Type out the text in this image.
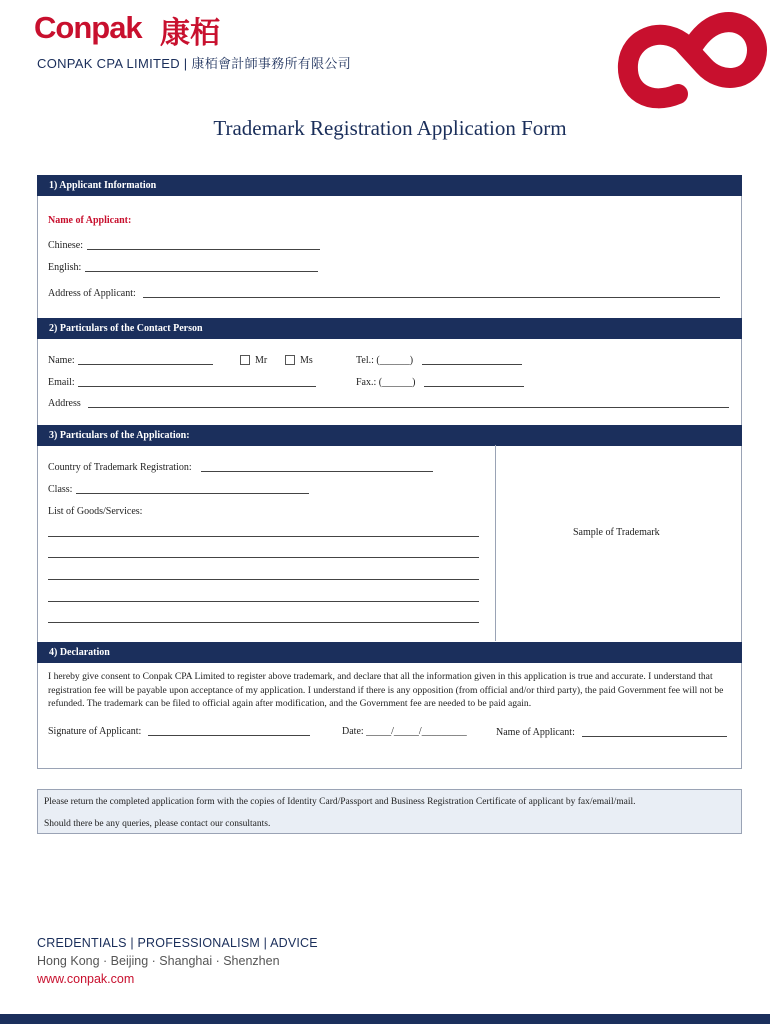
Conpak 康栢
CONPAK CPA LIMITED | 康栢會計師事務所有限公司
Trademark Registration Application Form
1) Applicant Information
Name of Applicant:
Chinese:
English:
Address of Applicant:
2) Particulars of the Contact Person
Name:	Mr	Ms	Tel.: (______)
Email:	Fax.: (______)
Address
3) Particulars of the Application:
Country of Trademark Registration:
Class:
List of Goods/Services:
Sample of Trademark
4) Declaration
I hereby give consent to Conpak CPA Limited to register above trademark, and declare that all the information given in this application is true and accurate. I understand that registration fee will be payable upon acceptance of my application. I understand if there is any opposition (from official and/or third party), the paid Government fee will not be refunded. The trademark can be filed to official again after modification, and the Government fee are needed to be paid again.
Signature of Applicant:	Date: _____/_____/_________	Name of Applicant:
Please return the completed application form with the copies of Identity Card/Passport and Business Registration Certificate of applicant by fax/email/mail.
Should there be any queries, please contact our consultants.
CREDENTIALS | PROFESSIONALISM | ADVICE
Hong Kong · Beijing · Shanghai · Shenzhen
www.conpak.com
